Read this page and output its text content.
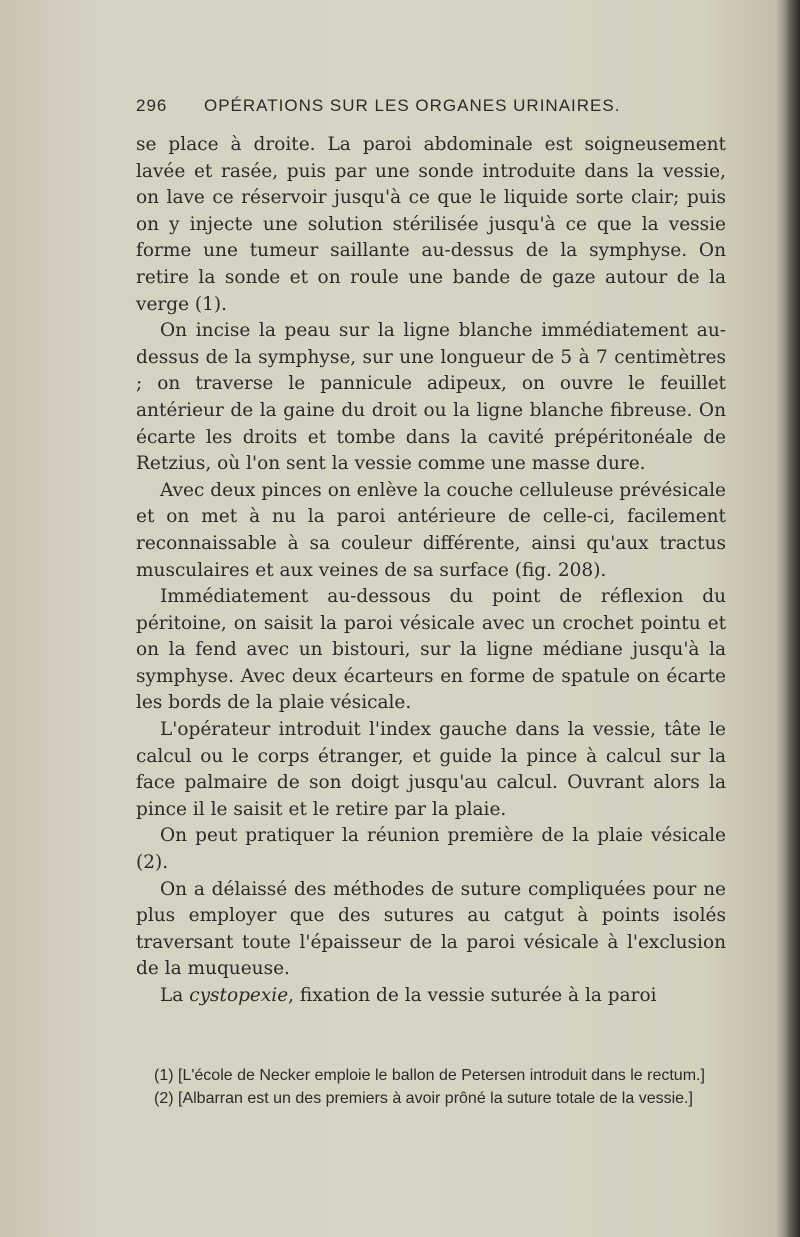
296 OPÉRATIONS SUR LES ORGANES URINAIRES.

se place à droite. La paroi abdominale est soigneusement lavée et rasée, puis par une sonde introduite dans la vessie, on lave ce réservoir jusqu'à ce que le liquide sorte clair; puis on y injecte une solution stérilisée jusqu'à ce que la vessie forme une tumeur saillante au-dessus de la symphyse. On retire la sonde et on roule une bande de gaze autour de la verge (1).

On incise la peau sur la ligne blanche immédiatement au-dessus de la symphyse, sur une longueur de 5 à 7 centimètres ; on traverse le pannicule adipeux, on ouvre le feuillet antérieur de la gaine du droit ou la ligne blanche fibreuse. On écarte les droits et tombe dans la cavité prépéritonéale de Retzius, où l'on sent la vessie comme une masse dure.

Avec deux pinces on enlève la couche celluleuse prévésicale et on met à nu la paroi antérieure de celle-ci, facilement reconnaissable à sa couleur différente, ainsi qu'aux tractus musculaires et aux veines de sa surface (fig. 208).

Immédiatement au-dessous du point de réflexion du péritoine, on saisit la paroi vésicale avec un crochet pointu et on la fend avec un bistouri, sur la ligne médiane jusqu'à la symphyse. Avec deux écarteurs en forme de spatule on écarte les bords de la plaie vésicale.

L'opérateur introduit l'index gauche dans la vessie, tâte le calcul ou le corps étranger, et guide la pince à calcul sur la face palmaire de son doigt jusqu'au calcul. Ouvrant alors la pince il le saisit et le retire par la plaie.

On peut pratiquer la réunion première de la plaie vésicale (2).

On a délaissé des méthodes de suture compliquées pour ne plus employer que des sutures au catgut à points isolés traversant toute l'épaisseur de la paroi vésicale à l'exclusion de la muqueuse.

La cystopexie, fixation de la vessie suturée à la paroi

(1) [L'école de Necker emploie le ballon de Petersen introduit dans le rectum.]

(2) [Albarran est un des premiers à avoir prôné la suture totale de la vessie.]
